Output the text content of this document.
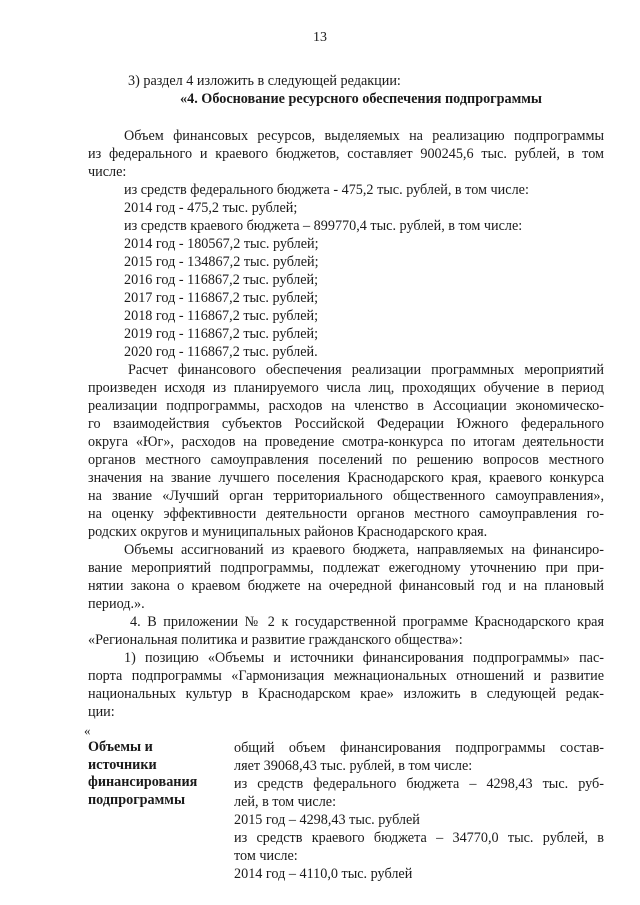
13
3) раздел 4 изложить в следующей редакции:
«4. Обоснование ресурсного обеспечения подпрограммы
Объем финансовых ресурсов, выделяемых на реализацию подпрограммы
из федерального и краевого бюджетов, составляет 900245,6 тыс. рублей, в том
числе:
из средств федерального бюджета - 475,2 тыс. рублей, в том числе:
2014 год - 475,2 тыс. рублей;
из средств краевого бюджета – 899770,4 тыс. рублей, в том числе:
2014 год - 180567,2 тыс. рублей;
2015 год - 134867,2 тыс. рублей;
2016 год - 116867,2 тыс. рублей;
2017 год - 116867,2 тыс. рублей;
2018 год - 116867,2 тыс. рублей;
2019 год - 116867,2 тыс. рублей;
2020 год - 116867,2 тыс. рублей.
Расчет финансового обеспечения реализации программных мероприятий
произведен исходя из планируемого числа лиц, проходящих обучение в период
реализации подпрограммы, расходов на членство в Ассоциации экономическо-
го взаимодействия субъектов Российской Федерации Южного федерального
округа «Юг», расходов на проведение смотра-конкурса по итогам деятельности
органов местного самоуправления поселений по решению вопросов местного
значения на звание лучшего поселения Краснодарского края, краевого конкурса
на звание «Лучший орган территориального общественного самоуправления»,
на оценку эффективности деятельности органов местного самоуправления го-
родских округов и муниципальных районов Краснодарского края.
Объемы ассигнований из краевого бюджета, направляемых на финансиро-
вание мероприятий подпрограммы, подлежат ежегодному уточнению при при-
нятии закона о краевом бюджете на очередной финансовый год и на плановый
период.».
4. В приложении № 2 к государственной программе Краснодарского края
«Региональная политика и развитие гражданского общества»:
1) позицию «Объемы и источники финансирования подпрограммы» пас-
порта подпрограммы «Гармонизация межнациональных отношений и развитие
национальных культур в Краснодарском крае» изложить в следующей редак-
ции:
«
Объемы и
источники
финансирования
подпрограммы
общий объем финансирования подпрограммы состав-
ляет 39068,43 тыс. рублей, в том числе:
из средств федерального бюджета – 4298,43 тыс. руб-
лей, в том числе:
2015 год – 4298,43 тыс. рублей
из средств краевого бюджета – 34770,0 тыс. рублей, в
том числе:
2014 год – 4110,0 тыс. рублей
